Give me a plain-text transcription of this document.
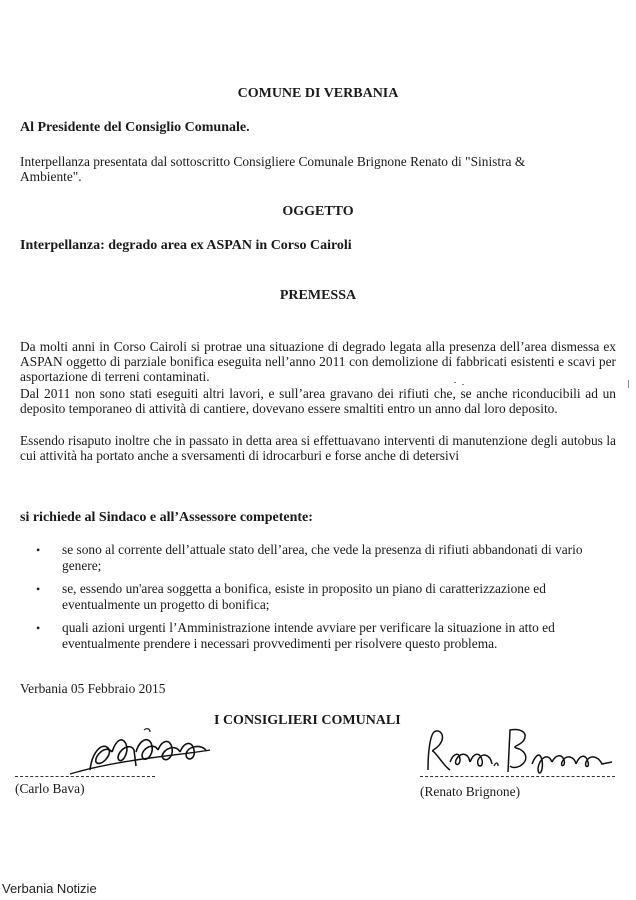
COMUNE DI VERBANIA
Al Presidente del Consiglio Comunale.
Interpellanza presentata dal sottoscritto Consigliere Comunale Brignone Renato di "Sinistra &
Ambiente".
OGGETTO
Interpellanza: degrado area ex ASPAN in Corso Cairoli
PREMESSA
Da molti anni in Corso Cairoli si protrae una situazione di degrado legata alla presenza dell’area dismessa ex ASPAN oggetto di parziale bonifica eseguita nell’anno 2011 con demolizione di fabbricati esistenti e scavi per asportazione di terreni contaminati.
Dal 2011 non sono stati eseguiti altri lavori, e sull’area gravano dei rifiuti che, se anche riconducibili ad un deposito temporaneo di attività di cantiere, dovevano essere smaltiti entro un anno dal loro deposito.
Essendo risaputo inoltre che in passato in detta area si effettuavano interventi di manutenzione degli autobus la cui attività ha portato anche a sversamenti di idrocarburi e forse anche di detersivi
si richiede al Sindaco e all’Assessore competente:
• se sono al corrente dell’attuale stato dell’area, che vede la presenza di rifiuti abbandonati di vario genere;
• se, essendo un'area soggetta a bonifica, esiste in proposito un piano di caratterizzazione ed eventualmente un progetto di bonifica;
• quali azioni urgenti l’Amministrazione intende avviare per verificare la situazione in atto ed eventualmente prendere i necessari provvedimenti per risolvere questo problema.
Verbania 05 Febbraio 2015
I CONSIGLIERI COMUNALI
(Carlo Bava)	(Renato Brignone)
Verbania Notizie
